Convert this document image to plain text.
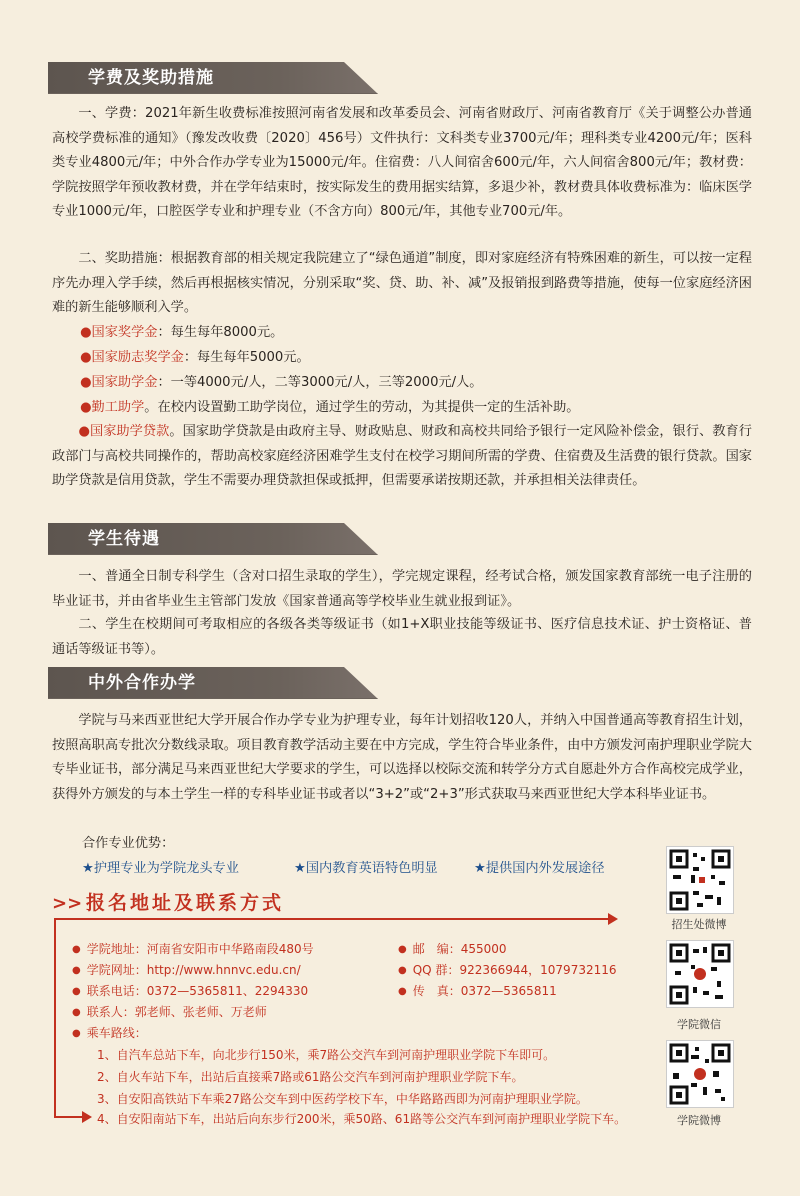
学费及奖助措施
一、学费：2021年新生收费标准按照河南省发展和改革委员会、河南省财政厅、河南省教育厅《关于调整公办普通高校学费标准的通知》（豫发改收费〔2020〕456号）文件执行：文科类专业3700元/年；理科类专业4200元/年；医科类专业4800元/年；中外合作办学专业为15000元/年。住宿费：八人间宿舍600元/年，六人间宿舍800元/年；教材费：学院按照学年预收教材费，并在学年结束时，按实际发生的费用据实结算，多退少补，教材费具体收费标准为：临床医学专业1000元/年，口腔医学专业和护理专业（不含方向）800元/年，其他专业700元/年。
二、奖助措施：根据教育部的相关规定我院建立了“绿色通道”制度，即对家庭经济有特殊困难的新生，可以按一定程序先办理入学手续，然后再根据核实情况，分别采取“奖、贷、助、补、减”及报销报到路费等措施，使每一位家庭经济困难的新生能够顺利入学。
●国家奖学金：每生每年8000元。
●国家励志奖学金：每生每年5000元。
●国家助学金：一等4000元/人，二等3000元/人，三等2000元/人。
●勤工助学。在校内设置勤工助学岗位，通过学生的劳动，为其提供一定的生活补助。
●国家助学贷款。国家助学贷款是由政府主导、财政贴息、财政和高校共同给予银行一定风险补偿金，银行、教育行政部门与高校共同操作的，帮助高校家庭经济困难学生支付在校学习期间所需的学费、住宿费及生活费的银行贷款。国家助学贷款是信用贷款，学生不需要办理贷款担保或抵押，但需要承诺按期还款，并承担相关法律责任。
学生待遇
一、普通全日制专科学生（含对口招生录取的学生），学完规定课程，经考试合格，颁发国家教育部统一电子注册的毕业证书，并由省毕业生主管部门发放《国家普通高等学校毕业生就业报到证》。
二、学生在校期间可考取相应的各级各类等级证书（如1+X职业技能等级证书、医疗信息技术证、护士资格证、普通话等级证书等）。
中外合作办学
学院与马来西亚世纪大学开展合作办学专业为护理专业，每年计划招收120人，并纳入中国普通高等教育招生计划，按照高职高专批次分数线录取。项目教育教学活动主要在中方完成，学生符合毕业条件，由中方颁发河南护理职业学院大专毕业证书，部分满足马来西亚世纪大学要求的学生，可以选择以校际交流和转学分方式自愿赴外方合作高校完成学业，获得外方颁发的与本土学生一样的专科毕业证书或者以“3+2”或“2+3”形式获取马来西亚世纪大学本科毕业证书。
合作专业优势：
★护理专业为学院龙头专业	★国内教育英语特色明显	★提供国内外发展途径
>> 报名地址及联系方式
● 学院地址：河南省安阳市中华路南段480号
● 学院网址：http://www.hnnvc.edu.cn/
● 联系电话：0372—5365811、2294330
● 联系人：郭老师、张老师、万老师
● 乘车路线：
● 邮　编：455000
● QQ 群：922366944，1079732116
● 传　真：0372—5365811
1、自汽车总站下车，向北步行150米，乘7路公交汽车到河南护理职业学院下车即可。
2、自火车站下车，出站后直接乘7路或61路公交汽车到河南护理职业学院下车。
3、自安阳高铁站下车乘27路公交车到中医药学校下车，中华路路西即为河南护理职业学院。
4、自安阳南站下车，出站后向东步行200米，乘50路、61路等公交汽车到河南护理职业学院下车。
招生处微博
学院微信
学院微博
